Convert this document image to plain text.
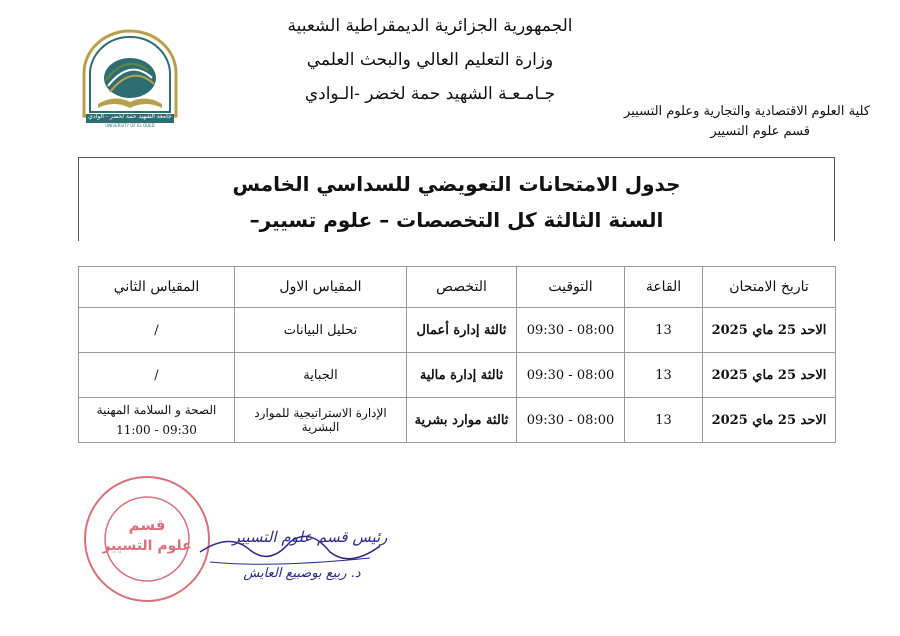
جامعة الشهيد حمة لخضر - الوادي
UNIVERSITY OF EL OUED
الجمهورية الجزائرية الديمقراطية الشعبية
وزارة التعليم العالي والبحث العلمي
جـامـعـة الشهيد حمة لخضر -الـوادي
كلية العلوم الاقتصادية والتجارية وعلوم التسيير
قسم علوم التسيير
جدول الامتحانات التعويضي للسداسي الخامس
السنة الثالثة كل التخصصات – علوم تسيير–
تاريخ الامتحان	القاعة	التوقيت	التخصص	المقياس الاول	المقياس الثاني
الاحد 25 ماي 2025	13	08:00 - 09:30	ثالثة إدارة أعمال	تحليل البيانات	/

الاحد 25 ماي 2025	13	08:00 - 09:30	ثالثة إدارة مالية	الجباية	/

الاحد 25 ماي 2025	13	08:00 - 09:30	ثالثة موارد بشرية	الإدارة الاستراتيجية للموارد البشرية	الصحة و السلامة المهنية
09:30 - 11:00
قسم
علوم التسيير	رئيس قسم علوم التسيير
د. ربيع بوصبيع العايش
